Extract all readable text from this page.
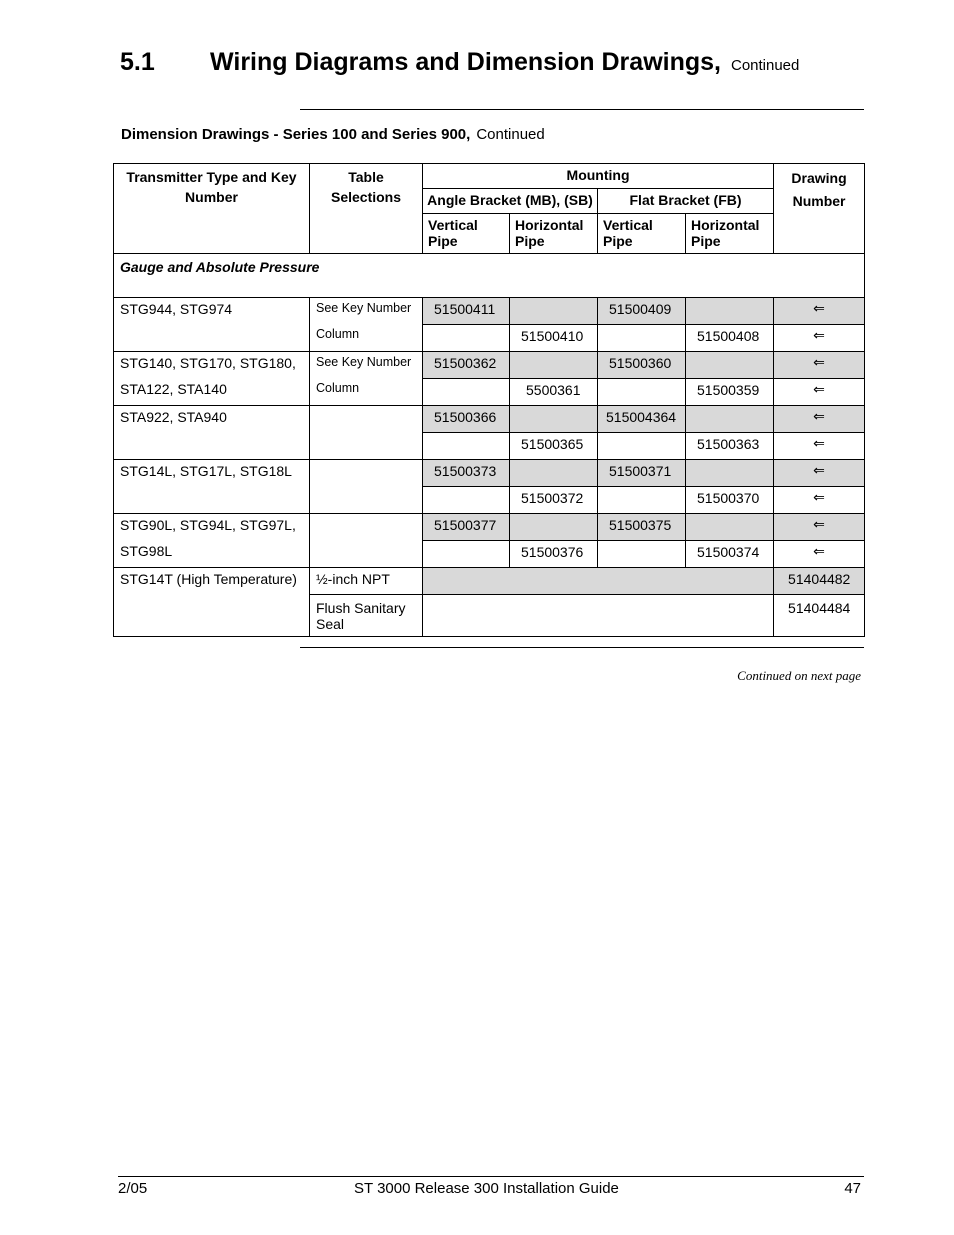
5.1 Wiring Diagrams and Dimension Drawings, Continued
Dimension Drawings - Series 100 and Series 900, Continued
Transmitter Type and Key Number	Table Selections	Mounting				Drawing Number
		Angle Bracket (MB), (SB)		Flat Bracket (FB)		
		Vertical Pipe	Horizontal Pipe	Vertical Pipe	Horizontal Pipe	
Gauge and Absolute Pressure						
STG944, STG974	See Key Number	51500411		51500409		⇐
	Column		51500410		51500408	⇐
STG140, STG170, STG180,	See Key Number	51500362		51500360		⇐
STA122, STA140	Column		5500361		51500359	⇐
STA922, STA940		51500366		515004364		⇐
			51500365		51500363	⇐
STG14L, STG17L, STG18L		51500373		51500371		⇐
			51500372		51500370	⇐
STG90L, STG94L, STG97L,		51500377		51500375		⇐
STG98L			51500376		51500374	⇐
STG14T (High Temperature)	½-inch NPT					51404482
	Flush Sanitary Seal					51404484
Continued on next page
2/05	ST 3000 Release 300 Installation Guide	47
